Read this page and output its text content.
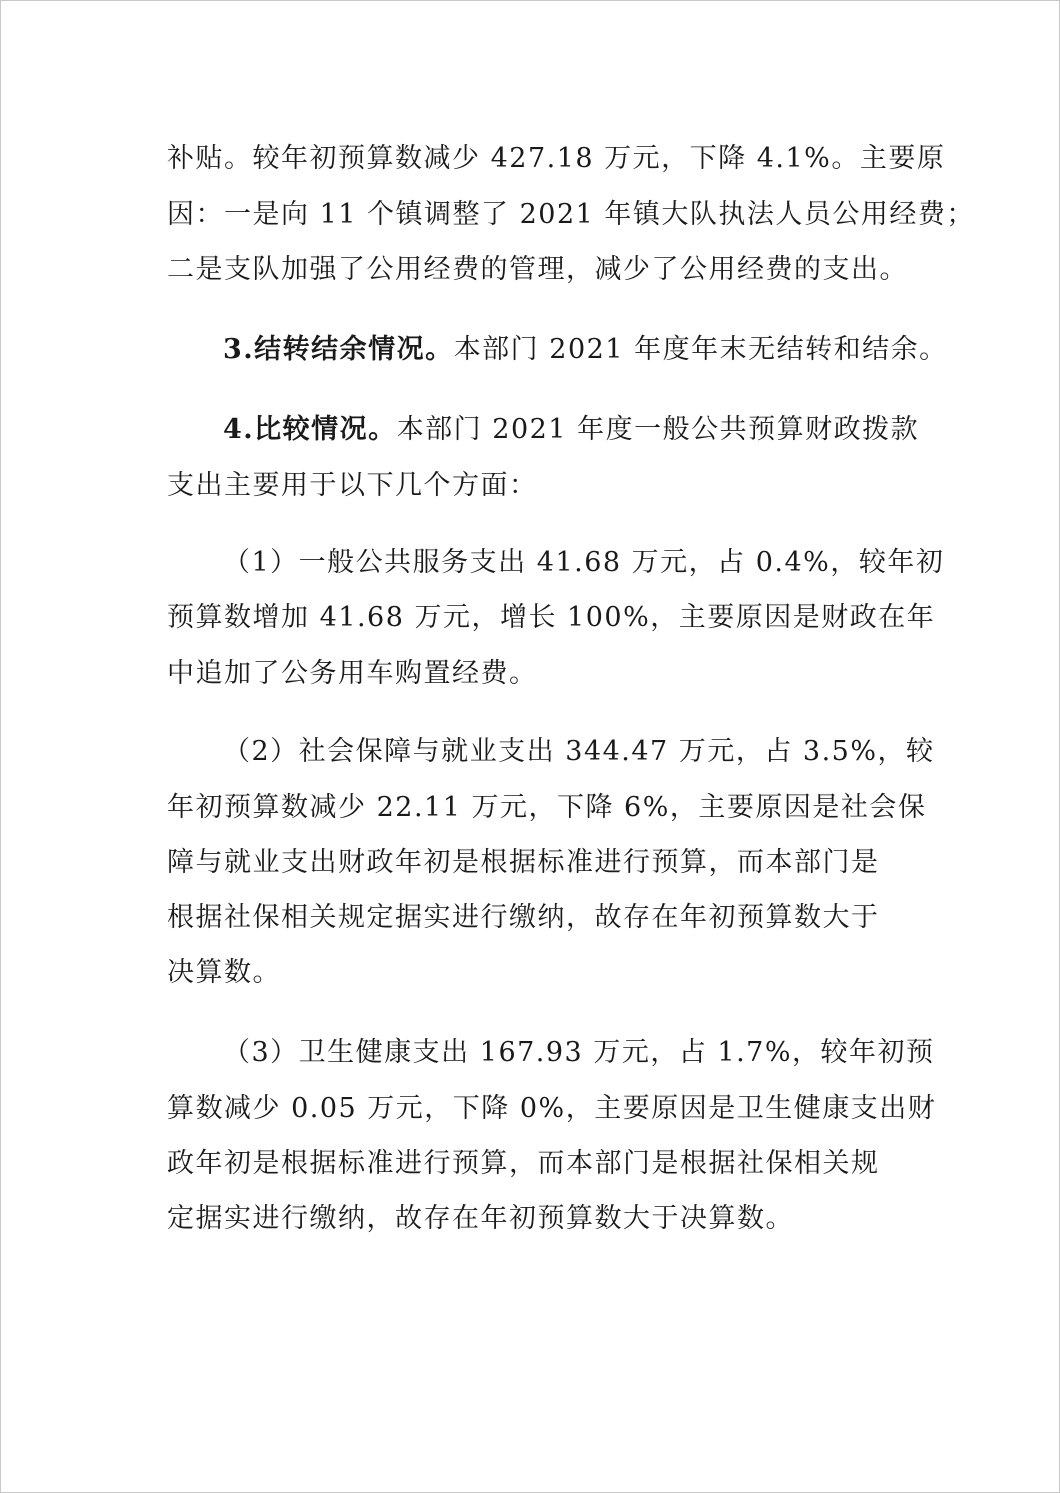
补贴。较年初预算数减少 427.18 万元，下降 4.1%。主要原

因：一是向 11 个镇调整了 2021 年镇大队执法人员公用经费；

二是支队加强了公用经费的管理，减少了公用经费的支出。

3.结转结余情况。本部门 2021 年度年末无结转和结余。

4.比较情况。本部门 2021 年度一般公共预算财政拨款

支出主要用于以下几个方面：

（1）一般公共服务支出 41.68 万元，占 0.4%，较年初

预算数增加 41.68 万元，增长 100%，主要原因是财政在年

中追加了公务用车购置经费。

（2）社会保障与就业支出 344.47 万元，占 3.5%，较

年初预算数减少 22.11 万元，下降 6%，主要原因是社会保

障与就业支出财政年初是根据标准进行预算，而本部门是

根据社保相关规定据实进行缴纳，故存在年初预算数大于

决算数。

（3）卫生健康支出 167.93 万元，占 1.7%，较年初预

算数减少 0.05 万元，下降 0%，主要原因是卫生健康支出财

政年初是根据标准进行预算，而本部门是根据社保相关规

定据实进行缴纳，故存在年初预算数大于决算数。
